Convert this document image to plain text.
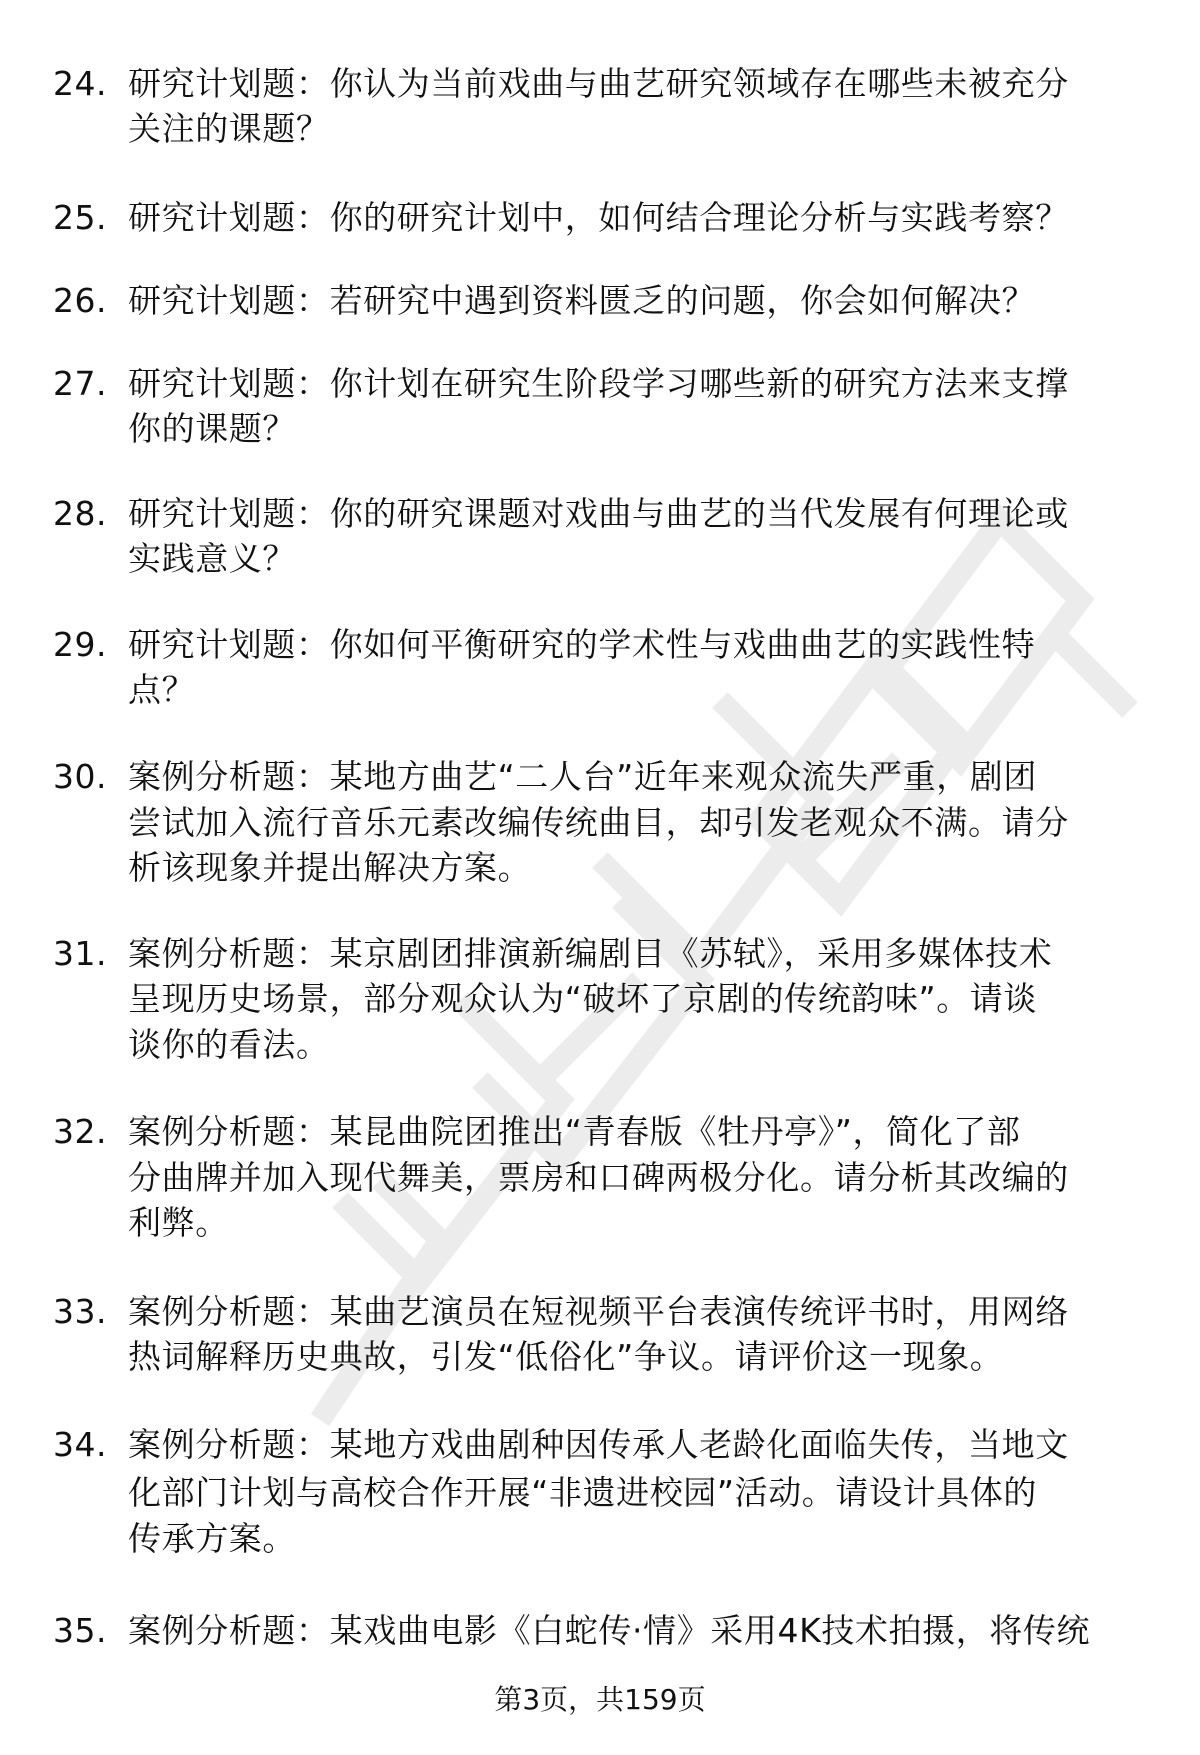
24. 研究计划题：你认为当前戏曲与曲艺研究领域存在哪些未被充分
关注的课题？
25. 研究计划题：你的研究计划中，如何结合理论分析与实践考察？
26. 研究计划题：若研究中遇到资料匮乏的问题，你会如何解决？
27. 研究计划题：你计划在研究生阶段学习哪些新的研究方法来支撑
你的课题？
28. 研究计划题：你的研究课题对戏曲与曲艺的当代发展有何理论或
实践意义？
29. 研究计划题：你如何平衡研究的学术性与戏曲曲艺的实践性特
点？
30. 案例分析题：某地方曲艺“二人台”近年来观众流失严重，剧团
尝试加入流行音乐元素改编传统曲目，却引发老观众不满。请分
析该现象并提出解决方案。
31. 案例分析题：某京剧团排演新编剧目《苏轼》，采用多媒体技术
呈现历史场景，部分观众认为“破坏了京剧的传统韵味”。请谈
谈你的看法。
32. 案例分析题：某昆曲院团推出“青春版《牡丹亭》”，简化了部
分曲牌并加入现代舞美，票房和口碑两极分化。请分析其改编的
利弊。
33. 案例分析题：某曲艺演员在短视频平台表演传统评书时，用网络
热词解释历史典故，引发“低俗化”争议。请评价这一现象。
34. 案例分析题：某地方戏曲剧种因传承人老龄化面临失传，当地文
化部门计划与高校合作开展“非遗进校园”活动。请设计具体的
传承方案。
35. 案例分析题：某戏曲电影《白蛇传·情》采用4K技术拍摄，将传统
第3页，共159页
